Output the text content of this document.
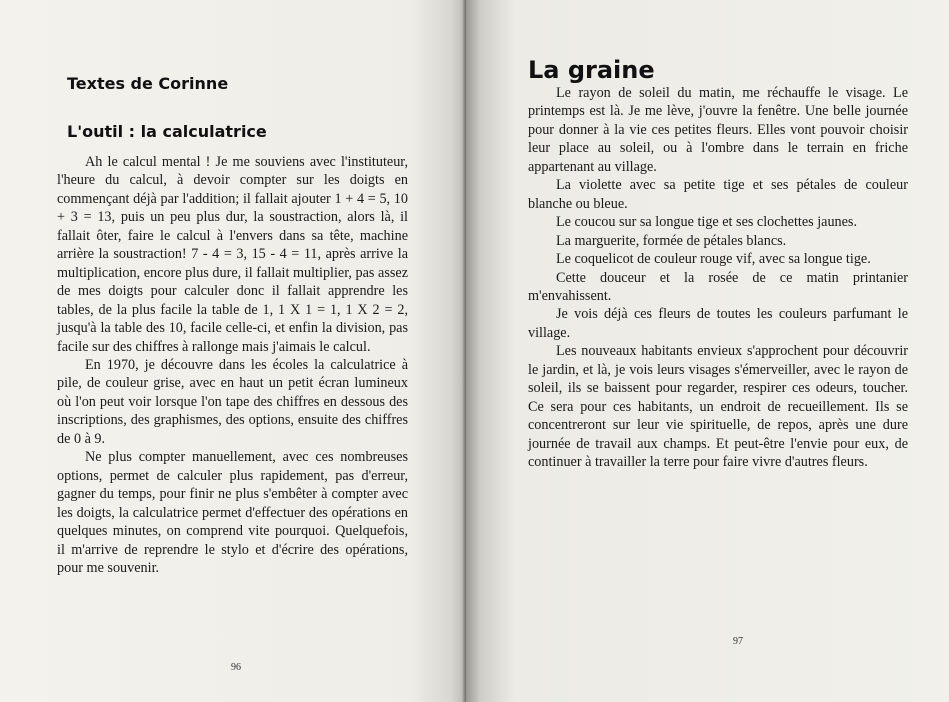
Textes de Corinne
L'outil : la calculatrice

Ah le calcul mental ! Je me souviens avec l'instituteur, l'heure du calcul, à devoir compter sur les doigts en commençant déjà par l'addition; il fallait ajouter 1 + 4 = 5, 10 + 3 = 13, puis un peu plus dur, la soustraction, alors là, il fallait ôter, faire le calcul à l'envers dans sa tête, machine arrière la soustraction! 7 - 4 = 3, 15 - 4 = 11, après arrive la multiplication, encore plus dure, il fallait multiplier, pas assez de mes doigts pour calculer donc il fallait apprendre les tables, de la plus facile la table de 1, 1 X 1 = 1, 1 X 2 = 2, jusqu'à la table des 10, facile celle-ci, et enfin la division, pas facile sur des chiffres à rallonge mais j'aimais le calcul.

En 1970, je découvre dans les écoles la calculatrice à pile, de couleur grise, avec en haut un petit écran lumineux où l'on peut voir lorsque l'on tape des chiffres en dessous des inscriptions, des graphismes, des options, ensuite des chiffres de 0 à 9.

Ne plus compter manuellement, avec ces nombreuses options, permet de calculer plus rapidement, pas d'erreur, gagner du temps, pour finir ne plus s'embêter à compter avec les doigts, la calculatrice permet d'effectuer des opérations en quelques minutes, on comprend vite pourquoi. Quelquefois, il m'arrive de reprendre le stylo et d'écrire des opérations, pour me souvenir.

96
97
La graine

Le rayon de soleil du matin, me réchauffe le visage. Le printemps est là. Je me lève, j'ouvre la fenêtre. Une belle journée pour donner à la vie ces petites fleurs. Elles vont pouvoir choisir leur place au soleil, ou à l'ombre dans le terrain en friche appartenant au village.

La violette avec sa petite tige et ses pétales de couleur blanche ou bleue.

Le coucou sur sa longue tige et ses clochettes jaunes.

La marguerite, formée de pétales blancs.

Le coquelicot de couleur rouge vif, avec sa longue tige.

Cette douceur et la rosée de ce matin printanier m'envahissent.

Je vois déjà ces fleurs de toutes les couleurs parfumant le village.

Les nouveaux habitants envieux s'approchent pour découvrir le jardin, et là, je vois leurs visages s'émerveiller, avec le rayon de soleil, ils se baissent pour regarder, respirer ces odeurs, toucher. Ce sera pour ces habitants, un endroit de recueillement. Ils se concentreront sur leur vie spirituelle, de repos, après une dure journée de travail aux champs. Et peut-être l'envie pour eux, de continuer à travailler la terre pour faire vivre d'autres fleurs.
